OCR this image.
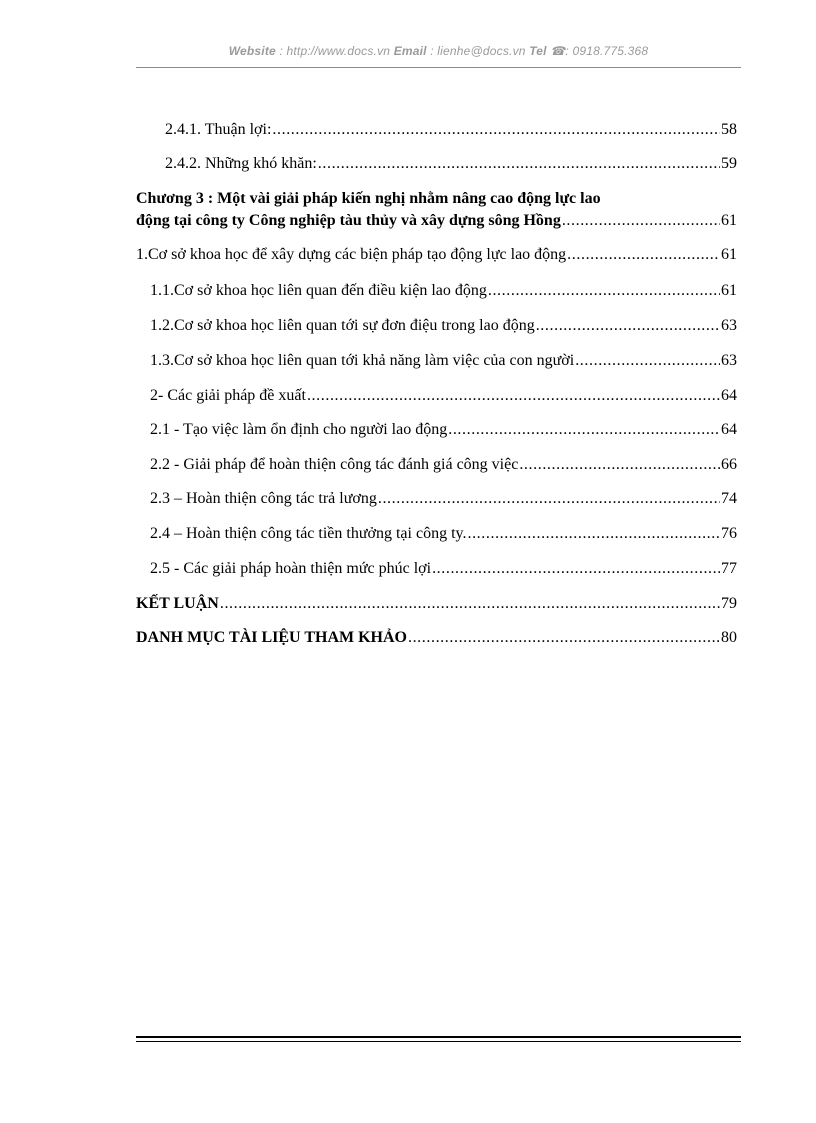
Website : http://www.docs.vn Email : lienhe@docs.vn Tel ☎: 0918.775.368
2.4.1. Thuận lợi: .....	58
2.4.2. Những khó khăn: .....	59
Chương 3 : Một vài giải pháp kiến nghị nhằm nâng cao động lực lao
động tại công ty Công nghiệp tàu thủy và xây dựng sông Hồng .....	61
1.Cơ sở khoa học để xây dựng các biện pháp tạo động lực lao động .....	61
1.1.Cơ sở khoa học liên quan đến điều kiện lao động .....	61
1.2.Cơ sở khoa học liên quan tới sự đơn điệu trong lao động .....	63
1.3.Cơ sở khoa học liên quan tới khả năng làm việc của con người .....	63
2- Các giải pháp đề xuất .....	64
2.1 - Tạo việc làm ổn định cho người lao động .....	64
2.2 - Giải pháp để hoàn thiện công tác đánh giá công việc .....	66
2.3 – Hoàn thiện công tác trả lương .....	74
2.4 – Hoàn thiện công tác tiền thưởng tại công ty. .....	76
2.5 - Các giải pháp hoàn thiện mức phúc lợi .....	77
KẾT LUẬN .....	79
DANH MỤC TÀI LIỆU THAM KHẢO .....	80
